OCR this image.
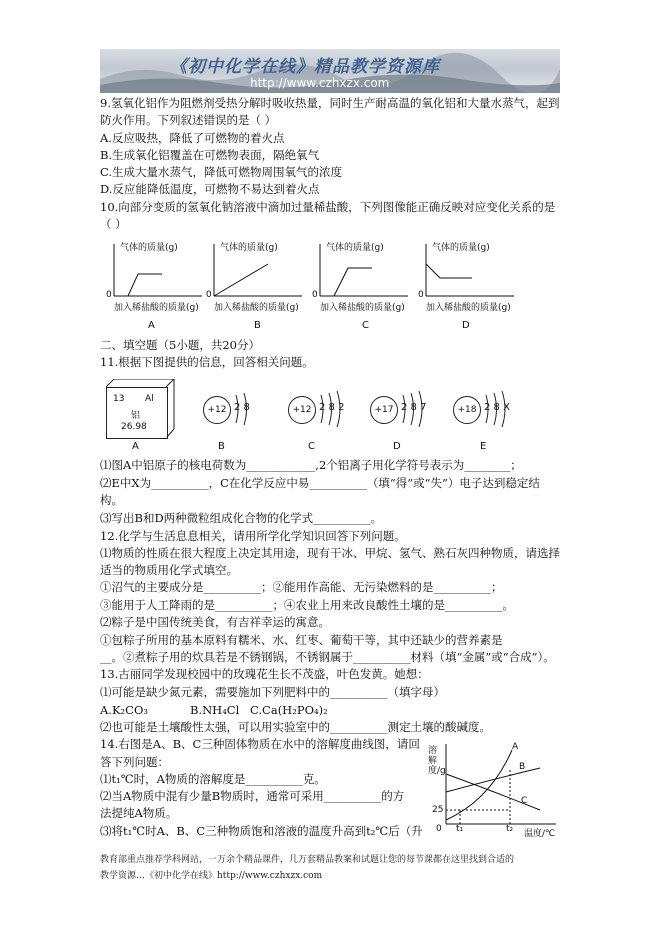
《初中化学在线》精品教学资源库
http://www.czhxzx.com
9.氢氧化铝作为阻燃剂受热分解时吸收热量，同时生产耐高温的氧化铝和大量水蒸气，起到
防火作用。下列叙述错误的是（ ）
A.反应吸热，降低了可燃物的着火点
B.生成氧化铝覆盖在可燃物表面，隔绝氧气
C.生成大量水蒸气，降低可燃物周围氧气的浓度
D.反应能降低温度，可燃物不易达到着火点
10.向部分变质的氢氧化钠溶液中滴加过量稀盐酸，下列图像能正确反映对应变化关系的是
（ ）
气体的质量(g)
0
加入稀盐酸的质量(g)
A
气体的质量(g)
0
加入稀盐酸的质量(g)
B
气体的质量(g)
0
加入稀盐酸的质量(g)
C
气体的质量(g)
0
加入稀盐酸的质量(g)
D
二、填空题（5小题，共20分）
11.根据下图提供的信息，回答相关问题。
13 Al
铝
26.98
A
+12 2 8
B
+12 2 8 2
C
+17 2 8 7
D
+18 2 8 X
E
⑴图A中铝原子的核电荷数为____________,2个铝离子用化学符号表示为________；
⑵E中X为__________，C在化学反应中易__________（填“得”或“失”）电子达到稳定结
构。
⑶写出B和D两种微粒组成化合物的化学式__________。
12.化学与生活息息相关，请用所学化学知识回答下列问题。
⑴物质的性质在很大程度上决定其用途，现有干冰、甲烷、氢气、熟石灰四种物质，请选择
适当的物质用化学式填空。
①沼气的主要成分是__________；②能用作高能、无污染燃料的是__________；
③能用于人工降雨的是__________；④农业上用来改良酸性土壤的是__________。
⑵粽子是中国传统美食，有吉祥幸运的寓意。
①包粽子所用的基本原料有糯米、水、红枣、葡萄干等，其中还缺少的营养素是
__。②煮粽子用的炊具若是不锈钢锅，不锈钢属于__________材料（填“金属”或“合成”）。
13.古丽同学发现校园中的玫瑰花生长不茂盛，叶色发黄。她想：
⑴可能是缺少氮元素，需要施加下列肥料中的__________（填字母）
A.K₂CO₃	B.NH₄Cl C.Ca(H₂PO₄)₂
⑵也可能是土壤酸性太强，可以用实验室中的__________测定土壤的酸碱度。
14.右图是A、B、C三种固体物质在水中的溶解度曲线图，请回
答下列问题：
⑴t₁℃时，A物质的溶解度是__________克。
⑵当A物质中混有少量B物质时，通常可采用__________的方
法提纯A物质。
⑶将t₁℃时A、B、C三种物质饱和溶液的温度升高到t₂℃后（升
溶解度/g
25
0 t₁	t₂ 温度/℃
A
B
C
教育部重点推荐学科网站，一万余个精品课件，几万套精品教案和试题让您的每节课都在这里找到合适的
教学资源…《初中化学在线》http://www.czhxzx.com
